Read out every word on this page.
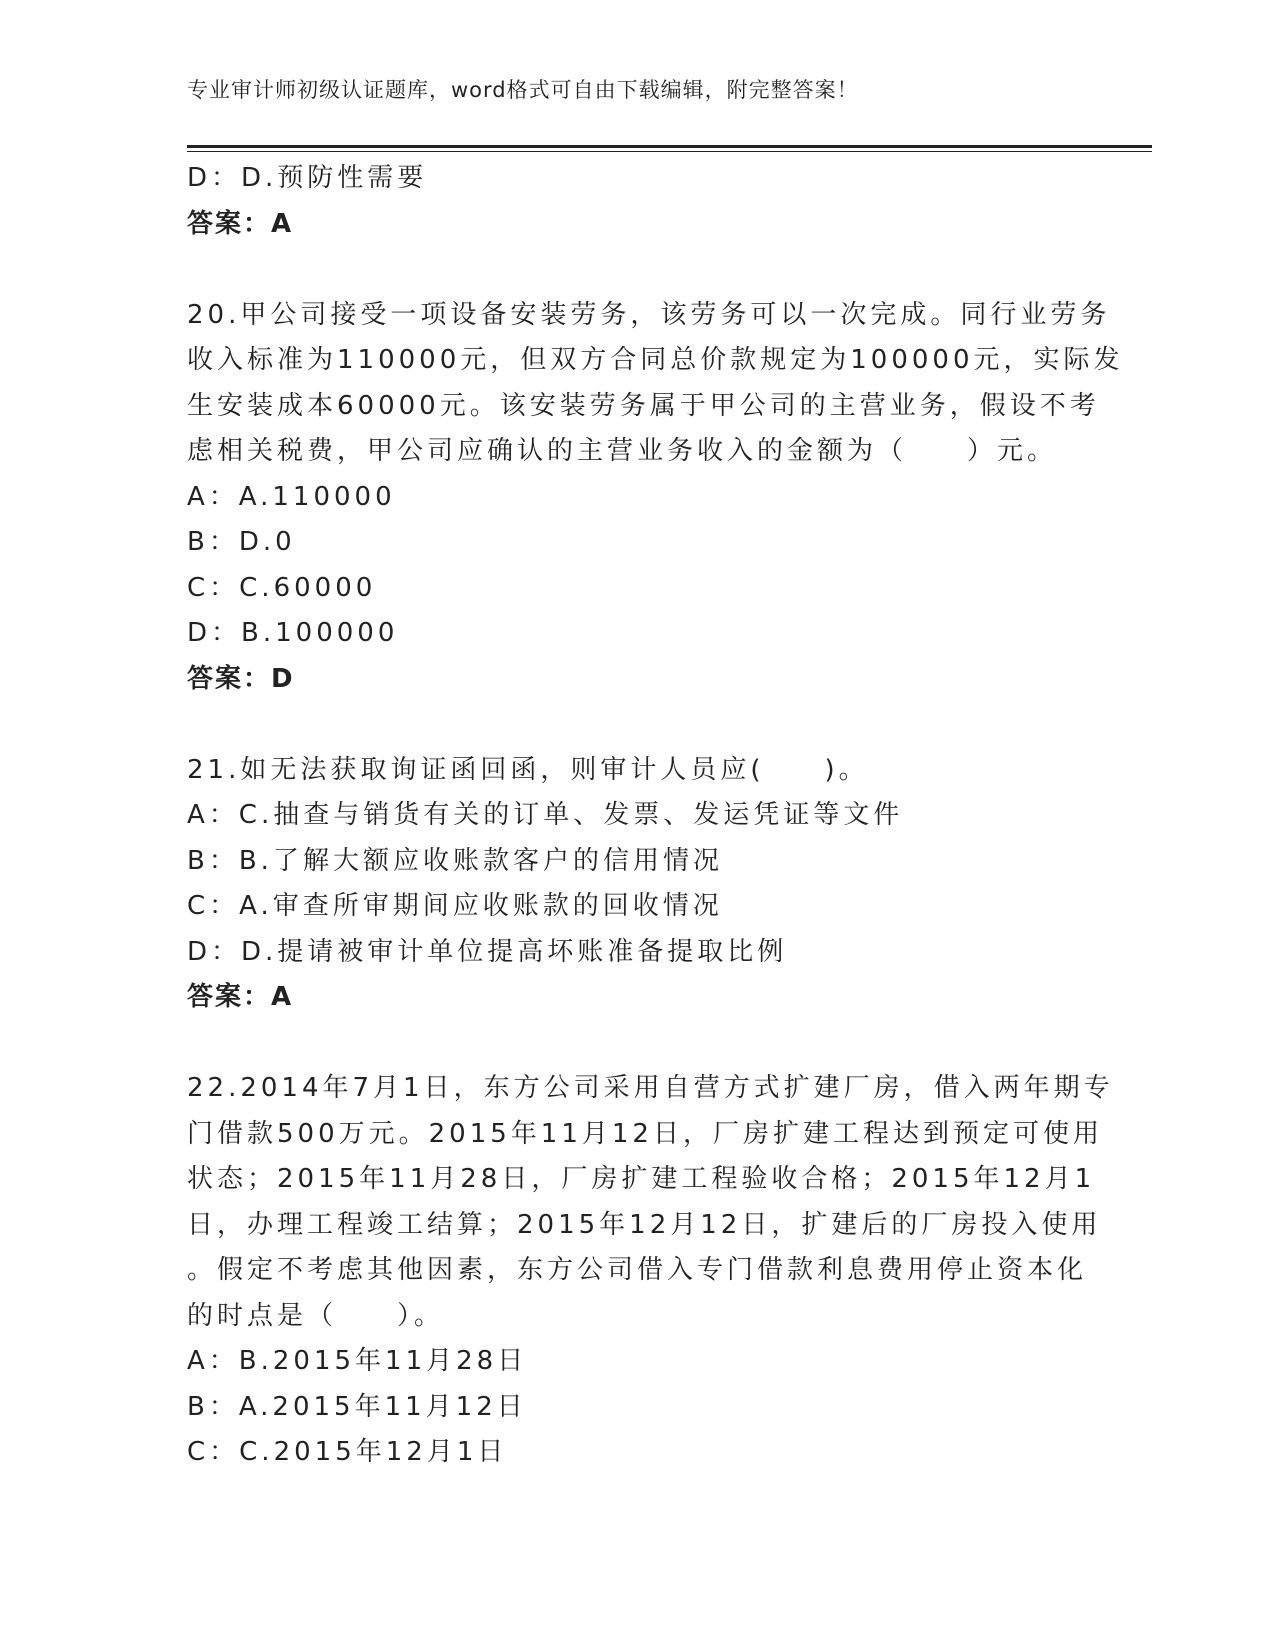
专业审计师初级认证题库，word格式可自由下载编辑，附完整答案！
D：D.预防性需要
答案：A
20.甲公司接受一项设备安装劳务，该劳务可以一次完成。同行业劳务
收入标准为110000元，但双方合同总价款规定为100000元，实际发
生安装成本60000元。该安装劳务属于甲公司的主营业务，假设不考
虑相关税费，甲公司应确认的主营业务收入的金额为（　　）元。
A：A.110000
B：D.0
C：C.60000
D：B.100000
答案：D
21.如无法获取询证函回函，则审计人员应(　　)。
A：C.抽查与销货有关的订单、发票、发运凭证等文件
B：B.了解大额应收账款客户的信用情况
C：A.审查所审期间应收账款的回收情况
D：D.提请被审计单位提高坏账准备提取比例
答案：A
22.2014年7月1日，东方公司采用自营方式扩建厂房，借入两年期专
门借款500万元。2015年11月12日，厂房扩建工程达到预定可使用
状态；2015年11月28日，厂房扩建工程验收合格；2015年12月1
日，办理工程竣工结算；2015年12月12日，扩建后的厂房投入使用
。假定不考虑其他因素，东方公司借入专门借款利息费用停止资本化
的时点是（　　）。
A：B.2015年11月28日
B：A.2015年11月12日
C：C.2015年12月1日
